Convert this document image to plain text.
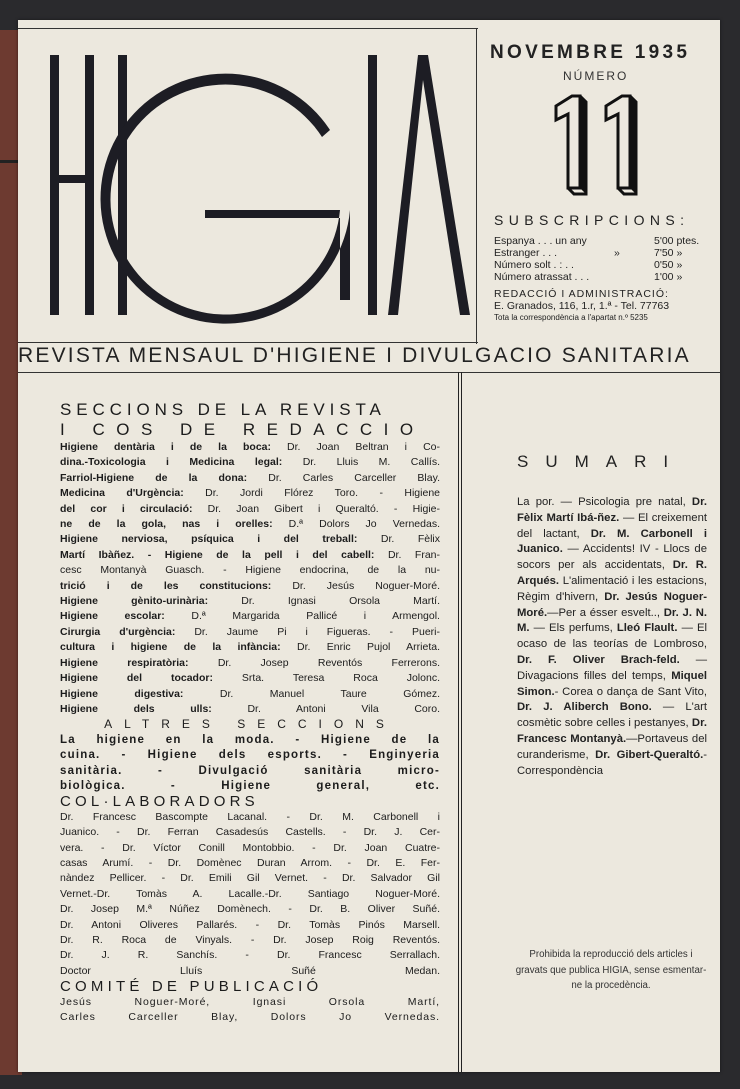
REVISTA MENSAUL D'HIGIENE I DIVULGACIO SANITARIA
NOVEMBRE 1935
NÚMERO
SUBSCRIPCIONS:
Espanya . . . un any	5'00 ptes.
Estranger . . .	»	7'50 »
Número solt . : . .	0'50 »
Número atrassat . . .	1'00 »
REDACCIÓ I ADMINISTRACIÓ:
E. Granados, 116, 1.r, 1.ª - Tel. 77763
Tota la correspondència a l'apartat n.º 5235
SECCIONS DE LA REVISTA
I COS DE REDACCIO
Higiene dentària i de la boca: Dr. Joan Beltran i Co-
dina.-Toxicologia i Medicina legal: Dr. Lluis M. Callís.
Farriol-Higiene de la dona: Dr. Carles Carceller Blay.
Medicina d'Urgència: Dr. Jordi Flórez Toro. - Higiene
del cor i circulació: Dr. Joan Gibert i Queraltó. - Higie-
ne de la gola, nas i orelles: D.ª Dolors Jo Vernedas.
Higiene nerviosa, psíquica i del treball: Dr. Fèlix
Martí Ibàñez. - Higiene de la pell i del cabell: Dr. Fran-
cesc Montanyà Guasch. - Higiene endocrina, de la nu-
trició i de les constitucions: Dr. Jesús Noguer-Moré.
Higiene gènito-urinària: Dr. Ignasi Orsola Martí.
Higiene escolar: D.ª Margarida Pallicé i Armengol.
Cirurgia d'urgència: Dr. Jaume Pi i Figueras. - Pueri-
cultura i higiene de la infància: Dr. Enric Pujol Arrieta.
Higiene respiratòria: Dr. Josep Reventós Ferrerons.
Higiene del tocador: Srta. Teresa Roca Jolonc.
Higiene digestiva: Dr. Manuel Taure Gómez.
Higiene dels ulls: Dr. Antoni Vila Coro.
ALTRES SECCIONS
La higiene en la moda. - Higiene de la
cuina. - Higiene dels esports. - Enginyeria
sanitària. - Divulgació sanitària micro-
biològica. - Higiene general, etc.
COL·LABORADORS
Dr. Francesc Bascompte Lacanal. - Dr. M. Carbonell i
Juanico. - Dr. Ferran Casadesús Castells. - Dr. J. Cer-
vera. - Dr. Víctor Conill Montobbio. - Dr. Joan Cuatre-
casas Arumí. - Dr. Domènec Duran Arrom. - Dr. E. Fer-
nàndez Pellicer. - Dr. Emili Gil Vernet. - Dr. Salvador Gil
Vernet.-Dr. Tomàs A. Lacalle.-Dr. Santiago Noguer-Moré.
Dr. Josep M.ª Núñez Domènech. - Dr. B. Oliver Suñé.
Dr. Antoni Oliveres Pallarés. - Dr. Tomàs Pinós Marsell.
Dr. R. Roca de Vinyals. - Dr. Josep Roig Reventós.
Dr. J. R. Sanchís. - Dr. Francesc Serrallach.
Doctor Lluís Suñé Medan.
COMITÉ DE PUBLICACIÓ
Jesús Noguer-Moré, Ignasi Orsola Martí,
Carles Carceller Blay, Dolors Jo Vernedas.
SUMARI
La por. — Psicologia pre natal, Dr. Fèlix Martí Ibá-ñez. — El creixement del lactant, Dr. M. Carbonell i Juanico. — Accidents! IV - Llocs de socors per als accidentats, Dr. R. Arqués. L'alimentació i les estacions, Règim d'hivern, Dr. Jesús Noguer-Moré.—Per a ésser esvelt.., Dr. J. N. M. — Els perfums, Lleó Flault. — El ocaso de las teorías de Lombroso, Dr. F. Oliver Brach-feld. — Divagacions filles del temps, Miquel Simon.- Corea o dança de Sant Vito, Dr. J. Aliberch Bono. — L'art cosmètic sobre celles i pestanyes, Dr. Francesc Montanyà.—Portaveus del curanderisme, Dr. Gibert-Queraltó.-Correspondència
Prohibida la reproducció dels articles i gravats que publica HIGIA, sense esmentar-ne la procedència.
